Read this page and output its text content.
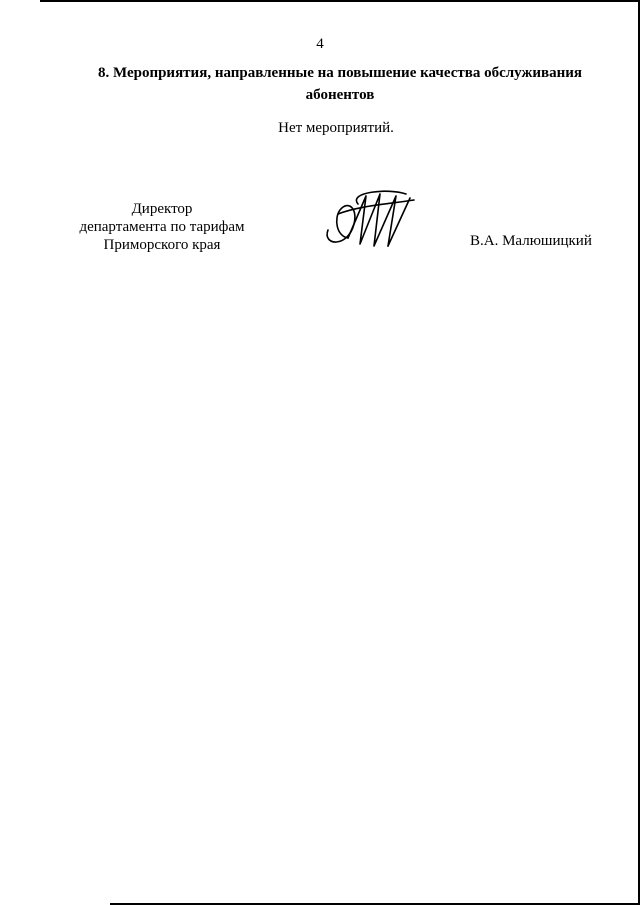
4
8. Мероприятия, направленные на повышение качества обслуживания
абонентов
Нет мероприятий.
Директор
департамента по тарифам
Приморского края	В.А. Малюшицкий
